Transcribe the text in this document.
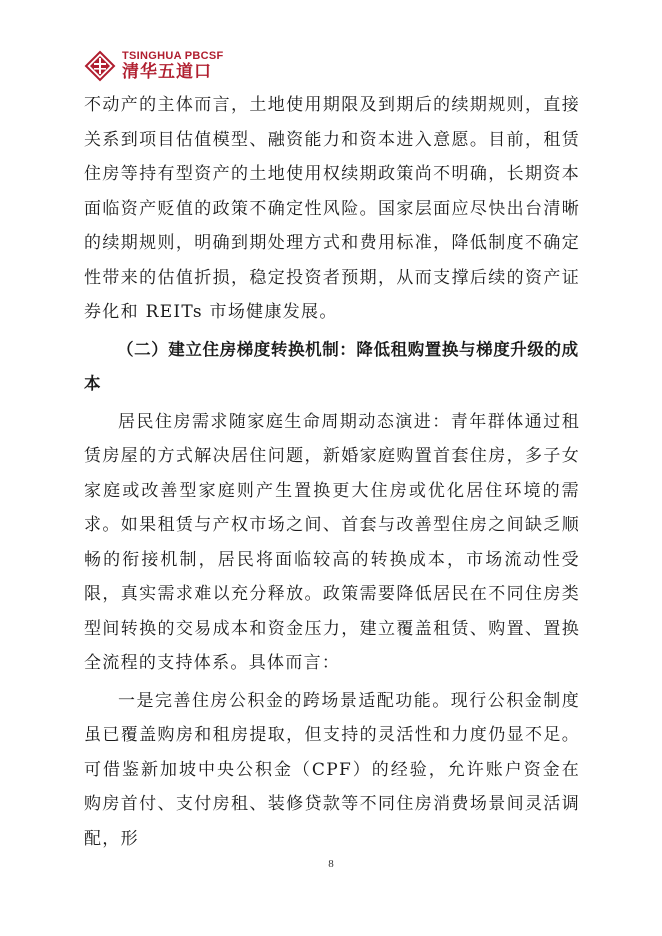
TSINGHUA PBCSF
清华五道口

不动产的主体而言，土地使用期限及到期后的续期规则，直接关系到项目估值模型、融资能力和资本进入意愿。目前，租赁住房等持有型资产的土地使用权续期政策尚不明确，长期资本面临资产贬值的政策不确定性风险。国家层面应尽快出台清晰的续期规则，明确到期处理方式和费用标准，降低制度不确定性带来的估值折损，稳定投资者预期，从而支撑后续的资产证券化和 REITs 市场健康发展。

（二）建立住房梯度转换机制：降低租购置换与梯度升级的成本

居民住房需求随家庭生命周期动态演进：青年群体通过租赁房屋的方式解决居住问题，新婚家庭购置首套住房，多子女家庭或改善型家庭则产生置换更大住房或优化居住环境的需求。如果租赁与产权市场之间、首套与改善型住房之间缺乏顺畅的衔接机制，居民将面临较高的转换成本，市场流动性受限，真实需求难以充分释放。政策需要降低居民在不同住房类型间转换的交易成本和资金压力，建立覆盖租赁、购置、置换全流程的支持体系。具体而言：

一是完善住房公积金的跨场景适配功能。现行公积金制度虽已覆盖购房和租房提取，但支持的灵活性和力度仍显不足。可借鉴新加坡中央公积金（CPF）的经验，允许账户资金在购房首付、支付房租、装修贷款等不同住房消费场景间灵活调配，形

8
